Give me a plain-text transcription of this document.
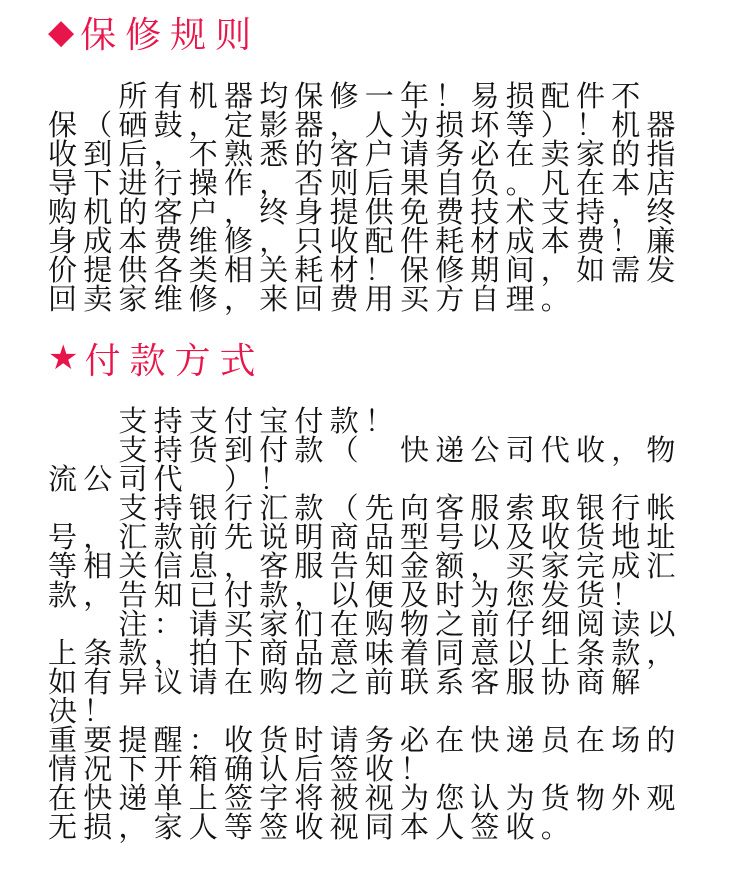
◆ 保修规则
　　所有机器均保修一年！易损配件不
保（硒鼓，定影器，人为损坏等）！机器
收到后，不熟悉的客户请务必在卖家的指
导下进行操作，否则后果自负。凡在本店
购机的客户，终身提供免费技术支持，终
身成本费维修，只收配件耗材成本费！廉
价提供各类相关耗材！保修期间，如需发
回卖家维修，来回费用买方自理。
★ 付款方式
　　支持支付宝付款！
　　支持货到付款（　快递公司代收，物
流公司代　）！
　　支持银行汇款（先向客服索取银行帐
号，汇款前先说明商品型号以及收货地址
等相关信息，客服告知金额，买家完成汇
款，告知已付款，以便及时为您发货！
　　注：请买家们在购物之前仔细阅读以
上条款，拍下商品意味着同意以上条款，
如有异议请在购物之前联系客服协商解
决！
重要提醒：收货时请务必在快递员在场的
情况下开箱确认后签收！
在快递单上签字将被视为您认为货物外观
无损，家人等签收视同本人签收。
